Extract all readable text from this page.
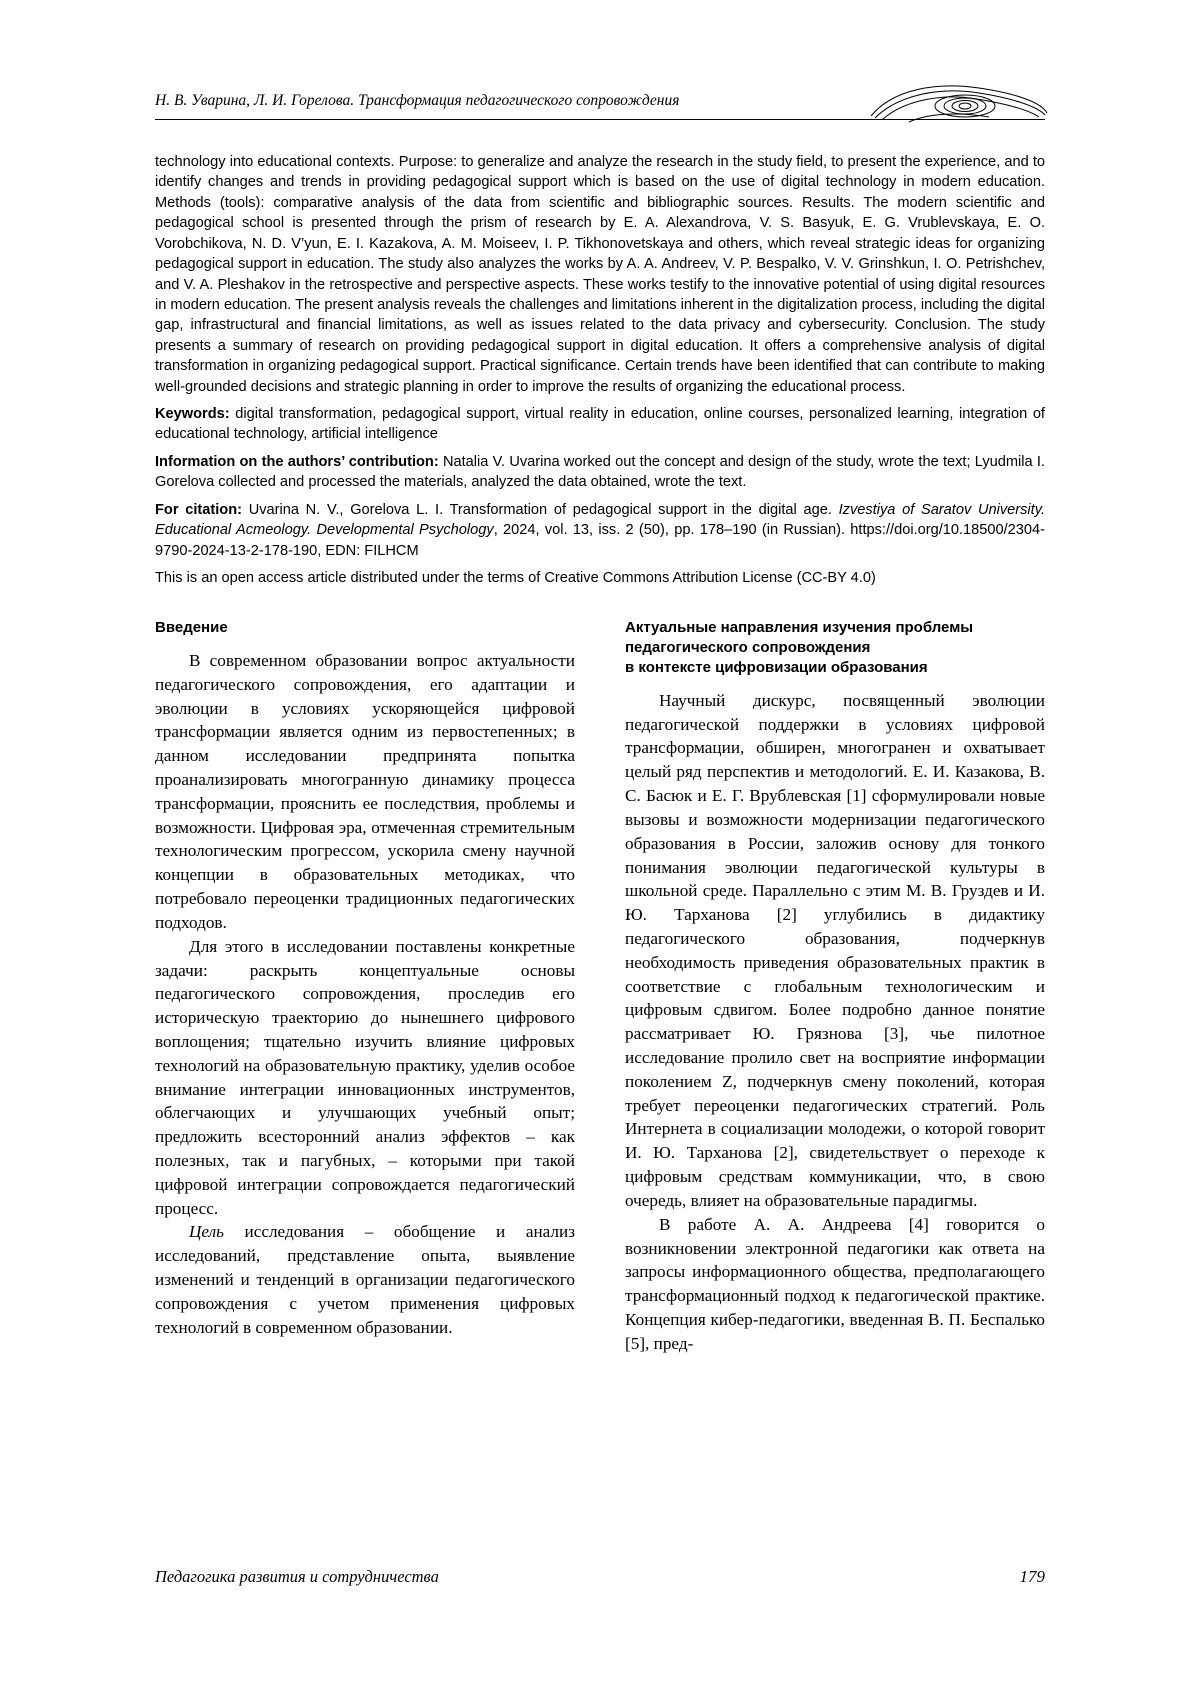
Н. В. Уварина, Л. И. Горелова. Трансформация педагогического сопровождения

technology into educational contexts. Purpose: to generalize and analyze the research in the study field, to present the experience, and to identify changes and trends in providing pedagogical support which is based on the use of digital technology in modern education. Methods (tools): comparative analysis of the data from scientific and bibliographic sources. Results. The modern scientific and pedagogical school is presented through the prism of research by E. A. Alexandrova, V. S. Basyuk, E. G. Vrublevskaya, E. O. Vorobchikova, N. D. V’yun, E. I. Kazakova, A. M. Moiseev, I. P. Tikhonovetskaya and others, which reveal strategic ideas for organizing pedagogical support in education. The study also analyzes the works by A. A. Andreev, V. P. Bespalko, V. V. Grinshkun, I. O. Petrishchev, and V. A. Pleshakov in the retrospective and perspective aspects. These works testify to the innovative potential of using digital resources in modern education. The present analysis reveals the challenges and limitations inherent in the digitalization process, including the digital gap, infrastructural and financial limitations, as well as issues related to the data privacy and cybersecurity. Conclusion. The study presents a summary of research on providing pedagogical support in digital education. It offers a comprehensive analysis of digital transformation in organizing pedagogical support. Practical significance. Certain trends have been identified that can contribute to making well-grounded decisions and strategic planning in order to improve the results of organizing the educational process.

Keywords: digital transformation, pedagogical support, virtual reality in education, online courses, personalized learning, integration of educational technology, artificial intelligence

Information on the authors’ contribution: Natalia V. Uvarina worked out the concept and design of the study, wrote the text; Lyudmila I. Gorelova collected and processed the materials, analyzed the data obtained, wrote the text.

For citation: Uvarina N. V., Gorelova L. I. Transformation of pedagogical support in the digital age. Izvestiya of Saratov University. Educational Acmeology. Developmental Psychology, 2024, vol. 13, iss. 2 (50), pp. 178–190 (in Russian). https://doi.org/10.18500/2304-9790-2024-13-2-178-190, EDN: FILHCM

This is an open access article distributed under the terms of Creative Commons Attribution License (CC-BY 4.0)

Введение

В современном образовании вопрос актуальности педагогического сопровождения, его адаптации и эволюции в условиях ускоряющейся цифровой трансформации является одним из первостепенных; в данном исследовании предпринята попытка проанализировать многогранную динамику процесса трансформации, прояснить ее последствия, проблемы и возможности. Цифровая эра, отмеченная стремительным технологическим прогрессом, ускорила смену научной концепции в образовательных методиках, что потребовало переоценки традиционных педагогических подходов.

Для этого в исследовании поставлены конкретные задачи: раскрыть концептуальные основы педагогического сопровождения, проследив его историческую траекторию до нынешнего цифрового воплощения; тщательно изучить влияние цифровых технологий на образовательную практику, уделив особое внимание интеграции инновационных инструментов, облегчающих и улучшающих учебный опыт; предложить всесторонний анализ эффектов – как полезных, так и пагубных, – которыми при такой цифровой интеграции сопровождается педагогический процесс.

Цель исследования – обобщение и анализ исследований, представление опыта, выявление изменений и тенденций в организации педагогического сопровождения с учетом применения цифровых технологий в современном образовании.

Актуальные направления изучения проблемы
педагогического сопровождения
в контексте цифровизации образования

Научный дискурс, посвященный эволюции педагогической поддержки в условиях цифровой трансформации, обширен, многогранен и охватывает целый ряд перспектив и методологий. Е. И. Казакова, В. С. Басюк и Е. Г. Врублевская [1] сформулировали новые вызовы и возможности модернизации педагогического образования в России, заложив основу для тонкого понимания эволюции педагогической культуры в школьной среде. Параллельно с этим М. В. Груздев и И. Ю. Тарханова [2] углубились в дидактику педагогического образования, подчеркнув необходимость приведения образовательных практик в соответствие с глобальным технологическим и цифровым сдвигом. Более подробно данное понятие рассматривает Ю. Грязнова [3], чье пилотное исследование пролило свет на восприятие информации поколением Z, подчеркнув смену поколений, которая требует переоценки педагогических стратегий. Роль Интернета в социализации молодежи, о которой говорит И. Ю. Тарханова [2], свидетельствует о переходе к цифровым средствам коммуникации, что, в свою очередь, влияет на образовательные парадигмы.

В работе А. А. Андреева [4] говорится о возникновении электронной педагогики как ответа на запросы информационного общества, предполагающего трансформационный подход к педагогической практике. Концепция кибер-педагогики, введенная В. П. Беспалько [5], пред-

Педагогика развития и сотрудничества	179
